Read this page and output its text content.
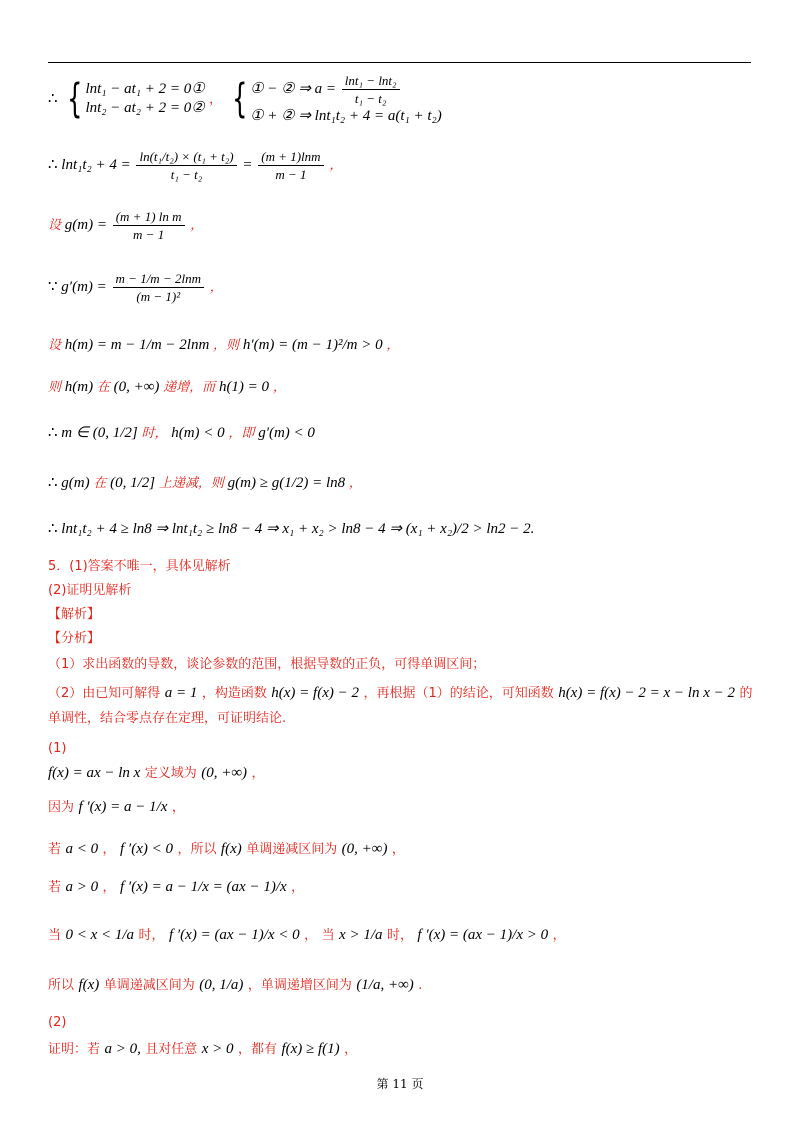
∴ { lnt₁ − at₁ + 2 = 0①
lnt₂ − at₂ + 2 = 0②
， { ① − ② ⇒ $a = \frac{\text{lnt₁ − lnt₂}}{\text{t₁ − t₂}}$
① + ② ⇒ lnt₁t₂ + 4 = a(t₁ + t₂)
∴ $\ln t_1t_2 + 4 = \frac{\text{ln(t₁/t₂) × (t₁ + t₂)}}{\text{t₁ − t₂}} = \frac{(m + 1)\ln m}{m - 1}$ ，
设 $g(m) = \frac{\text{(m + 1) ln m}}{m - 1}$ ，
∵ $g'(m) = \frac{m - 1/m - 2\ln m}{\text{(m − 1)²}}$ ，
设 h(m) = m − 1/m − 2lnm ，则 h′(m) = (m − 1)²/m > 0 ，
则 h(m) 在 (0, +∞) 递增，而 h(1) = 0 ，
∴ m ∈ (0, 1/2] 时， h(m) < 0 ，即 g′(m) < 0
∴ g(m) 在 (0, 1/2] 上递减，则 g(m) ≥ g(1/2) = ln8 ，
∴ lnt₁t₂ + 4 ≥ ln8 ⇒ lnt₁t₂ ≥ ln8 − 4 ⇒ x₁ + x₂ > ln8 − 4 ⇒ (x₁ + x₂)/2 > ln2 − 2.
5．(1)答案不唯一，具体见解析
(2)证明见解析
【解析】
【分析】
（1）求出函数的导数，谈论参数的范围，根据导数的正负，可得单调区间；
（2）由已知可解得 a = 1 ，构造函数 h(x) = f(x) − 2 ，再根据（1）的结论，可知函数 h(x) = f(x) − 2 = x − ln x − 2 的
单调性，结合零点存在定理，可证明结论.
(1)
f(x) = ax − ln x 定义域为 (0, +∞) ，
因为 f ′(x) = a − 1/x ，
若 a < 0 ， f ′(x) < 0 ，所以 f(x) 单调递减区间为 (0, +∞) ，
若 a > 0 ， f ′(x) = a − 1/x = (ax − 1)/x ，
当 0 < x < 1/a 时， f ′(x) = (ax − 1)/x < 0 ， 当 x > 1/a 时， f ′(x) = (ax − 1)/x > 0 ，
所以 f(x) 单调递减区间为 (0, 1/a) ，单调递增区间为 (1/a, +∞) .
(2)
证明：若 a > 0, 且对任意 x > 0 ，都有 f(x) ≥ f(1) ，
第 11 页
